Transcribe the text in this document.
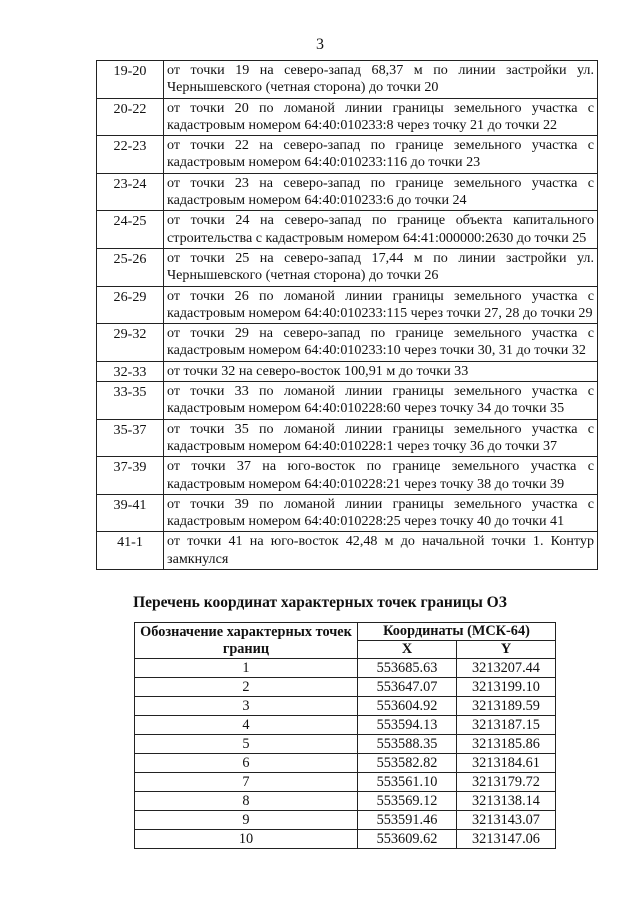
3
19-20	от точки 19 на северо-запад 68,37 м по линии застройки ул. Чернышевского (четная сторона) до точки 20
20-22	от точки 20 по ломаной линии границы земельного участка с кадастровым номером 64:40:010233:8 через точку 21 до точки 22
22-23	от точки 22 на северо-запад по границе земельного участка с кадастровым номером 64:40:010233:116 до точки 23
23-24	от точки 23 на северо-запад по границе земельного участка с кадастровым номером 64:40:010233:6 до точки 24
24-25	от точки 24 на северо-запад по границе объекта капитального строительства с кадастровым номером 64:41:000000:2630 до точки 25
25-26	от точки 25 на северо-запад 17,44 м по линии застройки ул. Чернышевского (четная сторона) до точки 26
26-29	от точки 26 по ломаной линии границы земельного участка с кадастровым номером 64:40:010233:115 через точки 27, 28 до точки 29
29-32	от точки 29 на северо-запад по границе земельного участка с кадастровым номером 64:40:010233:10 через точки 30, 31 до точки 32
32-33	от точки 32 на северо-восток 100,91 м до точки 33
33-35	от точки 33 по ломаной линии границы земельного участка с кадастровым номером 64:40:010228:60 через точку 34 до точки 35
35-37	от точки 35 по ломаной линии границы земельного участка с кадастровым номером 64:40:010228:1 через точку 36 до точки 37
37-39	от точки 37 на юго-восток по границе земельного участка с кадастровым номером 64:40:010228:21 через точку 38 до точки 39
39-41	от точки 39 по ломаной линии границы земельного участка с кадастровым номером 64:40:010228:25 через точку 40 до точки 41
41-1	от точки 41 на юго-восток 42,48 м до начальной точки 1. Контур замкнулся
Перечень координат характерных точек границы ОЗ
Обозначение характерных точек границ	Координаты (МСК-64)	
	X	Y
1	553685.63	3213207.44
2	553647.07	3213199.10
3	553604.92	3213189.59
4	553594.13	3213187.15
5	553588.35	3213185.86
6	553582.82	3213184.61
7	553561.10	3213179.72
8	553569.12	3213138.14
9	553591.46	3213143.07
10	553609.62	3213147.06
